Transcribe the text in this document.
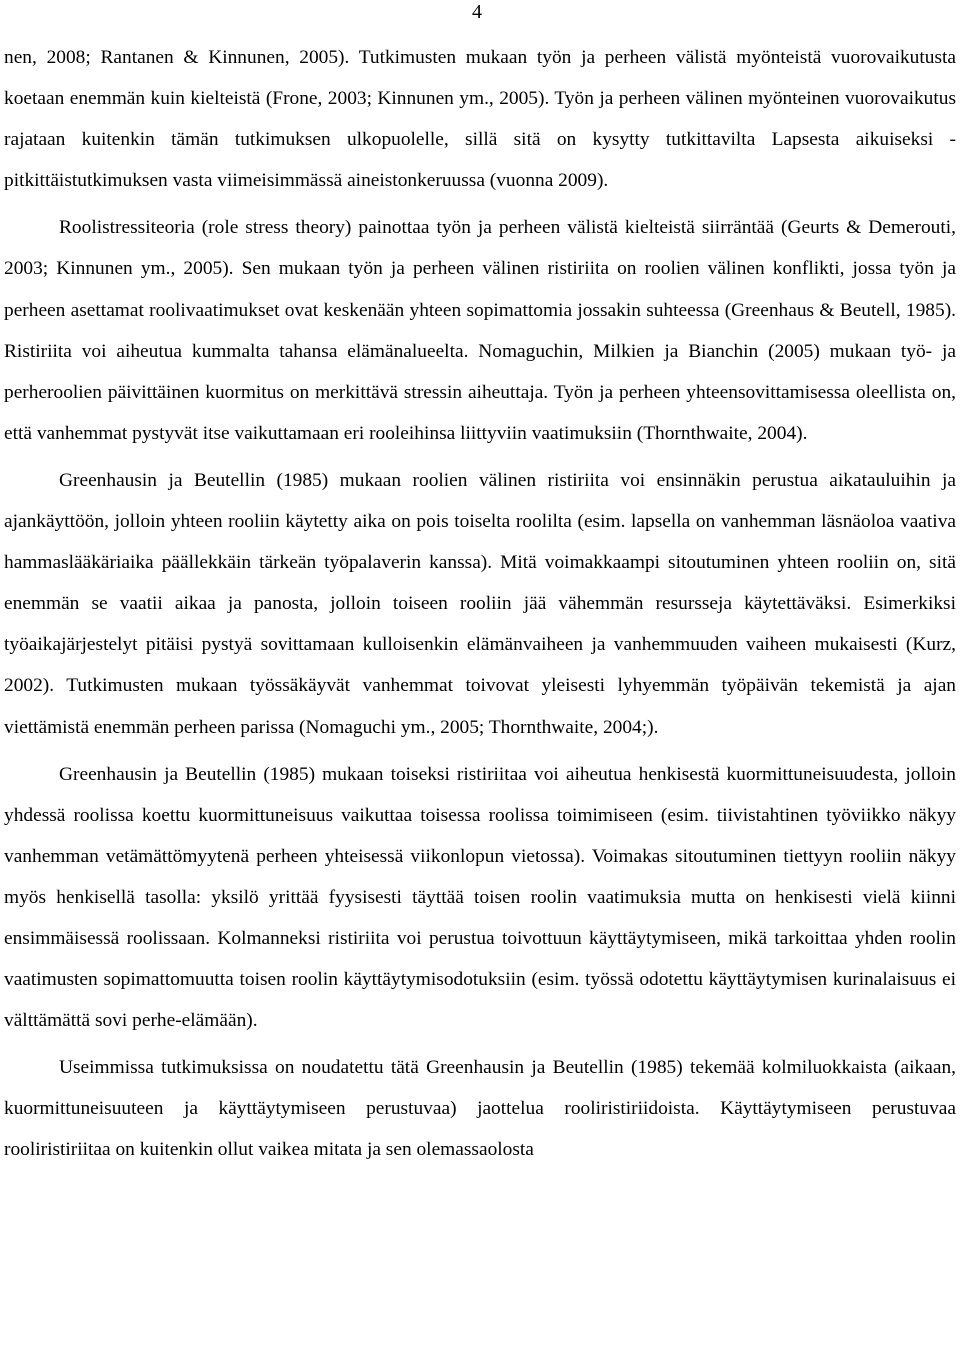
4

nen, 2008; Rantanen & Kinnunen, 2005). Tutkimusten mukaan työn ja perheen välistä myönteistä vuorovaikutusta koetaan enemmän kuin kielteistä (Frone, 2003; Kinnunen ym., 2005). Työn ja perheen välinen myönteinen vuorovaikutus rajataan kuitenkin tämän tutkimuksen ulkopuolelle, sillä sitä on kysytty tutkittavilta Lapsesta aikuiseksi - pitkittäistutkimuksen vasta viimeisimmässä aineistonkeruussa (vuonna 2009).

Roolistressiteoria (role stress theory) painottaa työn ja perheen välistä kielteistä siirräntää (Geurts & Demerouti, 2003; Kinnunen ym., 2005). Sen mukaan työn ja perheen välinen ristiriita on roolien välinen konflikti, jossa työn ja perheen asettamat roolivaatimukset ovat keskenään yhteen sopimattomia jossakin suhteessa (Greenhaus & Beutell, 1985). Ristiriita voi aiheutua kummalta tahansa elämänalueelta. Nomaguchin, Milkien ja Bianchin (2005) mukaan työ- ja perheroolien päivittäinen kuormitus on merkittävä stressin aiheuttaja. Työn ja perheen yhteensovittamisessa oleellista on, että vanhemmat pystyvät itse vaikuttamaan eri rooleihinsa liittyviin vaatimuksiin (Thornthwaite, 2004).

Greenhausin ja Beutellin (1985) mukaan roolien välinen ristiriita voi ensinnäkin perustua aikatauluihin ja ajankäyttöön, jolloin yhteen rooliin käytetty aika on pois toiselta roolilta (esim. lapsella on vanhemman läsnäoloa vaativa hammaslääkäriaika päällekkäin tärkeän työpalaverin kanssa). Mitä voimakkaampi sitoutuminen yhteen rooliin on, sitä enemmän se vaatii aikaa ja panosta, jolloin toiseen rooliin jää vähemmän resursseja käytettäväksi. Esimerkiksi työaikajärjestelyt pitäisi pystyä sovittamaan kulloisenkin elämänvaiheen ja vanhemmuuden vaiheen mukaisesti (Kurz, 2002). Tutkimusten mukaan työssäkäyvät vanhemmat toivovat yleisesti lyhyemmän työpäivän tekemistä ja ajan viettämistä enemmän perheen parissa (Nomaguchi ym., 2005; Thornthwaite, 2004;).

Greenhausin ja Beutellin (1985) mukaan toiseksi ristiriitaa voi aiheutua henkisestä kuormittuneisuudesta, jolloin yhdessä roolissa koettu kuormittuneisuus vaikuttaa toisessa roolissa toimimiseen (esim. tiivistahtinen työviikko näkyy vanhemman vetämättömyytenä perheen yhteisessä viikonlopun vietossa). Voimakas sitoutuminen tiettyyn rooliin näkyy myös henkisellä tasolla: yksilö yrittää fyysisesti täyttää toisen roolin vaatimuksia mutta on henkisesti vielä kiinni ensimmäisessä roolissaan. Kolmanneksi ristiriita voi perustua toivottuun käyttäytymiseen, mikä tarkoittaa yhden roolin vaatimusten sopimattomuutta toisen roolin käyttäytymisodotuksiin (esim. työssä odotettu käyttäytymisen kurinalaisuus ei välttämättä sovi perhe-elämään).

Useimmissa tutkimuksissa on noudatettu tätä Greenhausin ja Beutellin (1985) tekemää kolmiluokkaista (aikaan, kuormittuneisuuteen ja käyttäytymiseen perustuvaa) jaottelua rooliristiriidoista. Käyttäytymiseen perustuvaa rooliristiriitaa on kuitenkin ollut vaikea mitata ja sen olemassaolosta
